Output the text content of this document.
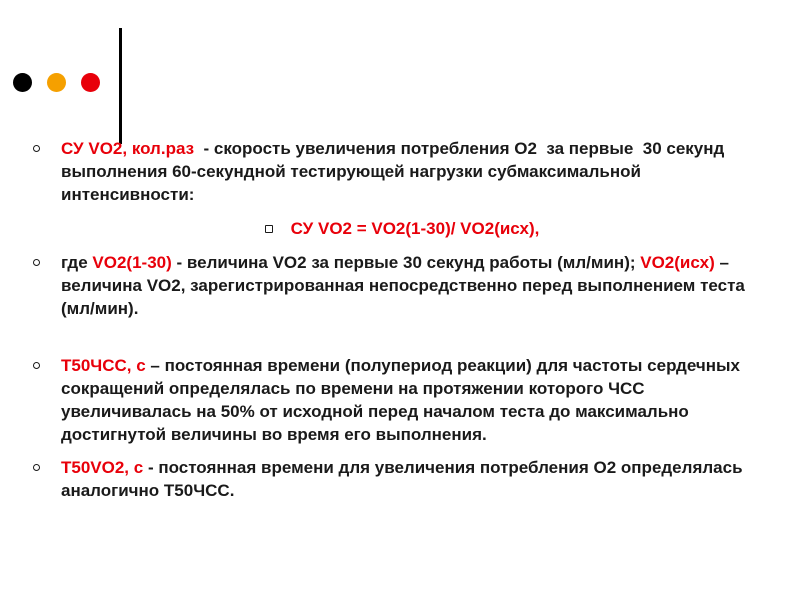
СУ VO2, кол.раз  - скорость увеличения потребления О2  за первые  30 секунд выполнения 60-секундной тестирующей нагрузки субмаксимальной интенсивности:
СУ VO2 = VO2(1-30)/ VO2(исх),
где VO2(1-30) - величина VO2 за первые 30 секунд работы (мл/мин); VO2(исх) – величина VO2, зарегистрированная непосредственно перед выполнением теста (мл/мин).
T50ЧСС, с – постоянная времени (полупериод реакции) для частоты сердечных сокращений определялась по времени на протяжении которого ЧСС увеличивалась на 50% от исходной перед началом теста до максимально достигнутой величины во время его выполнения.
T50VO2, с - постоянная времени для увеличения потребления О2 определялась аналогично Т50ЧСС.
